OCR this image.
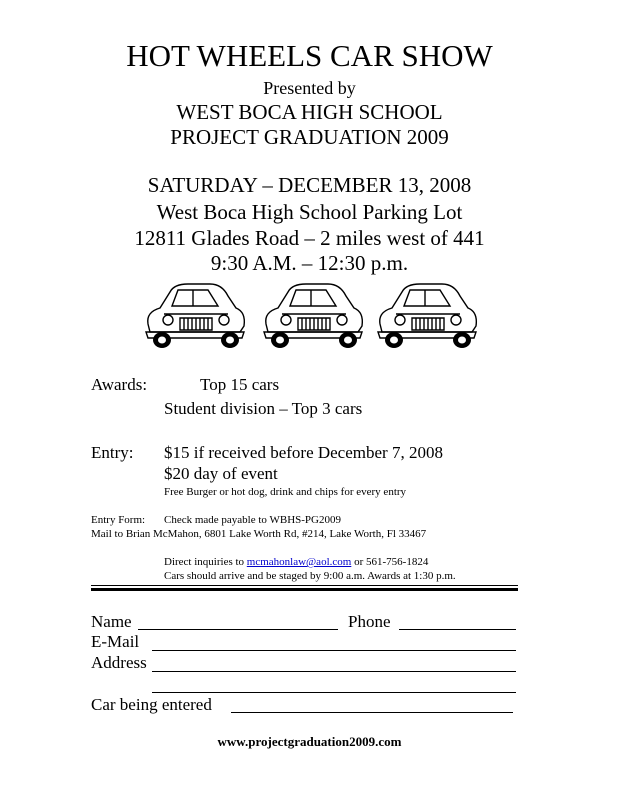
HOT WHEELS CAR SHOW
Presented by
WEST BOCA HIGH SCHOOL
PROJECT GRADUATION 2009
SATURDAY – DECEMBER 13, 2008
West Boca High School Parking Lot
12811 Glades Road – 2 miles west of 441
9:30 A.M. – 12:30 p.m.
Awards:	Top 15 cars
Student division – Top 3 cars
Entry: $15 if received before December 7, 2008
$20 day of event
Free Burger or hot dog, drink and chips for every entry
Entry Form: Check made payable to WBHS-PG2009
Mail to Brian McMahon, 6801 Lake Worth Rd, #214, Lake Worth, Fl 33467
Direct inquiries to mcmahonlaw@aol.com or 561-756-1824
Cars should arrive and be staged by 9:00 a.m. Awards at 1:30 p.m.
Name	Phone
E-Mail
Address
Car being entered
www.projectgraduation2009.com
